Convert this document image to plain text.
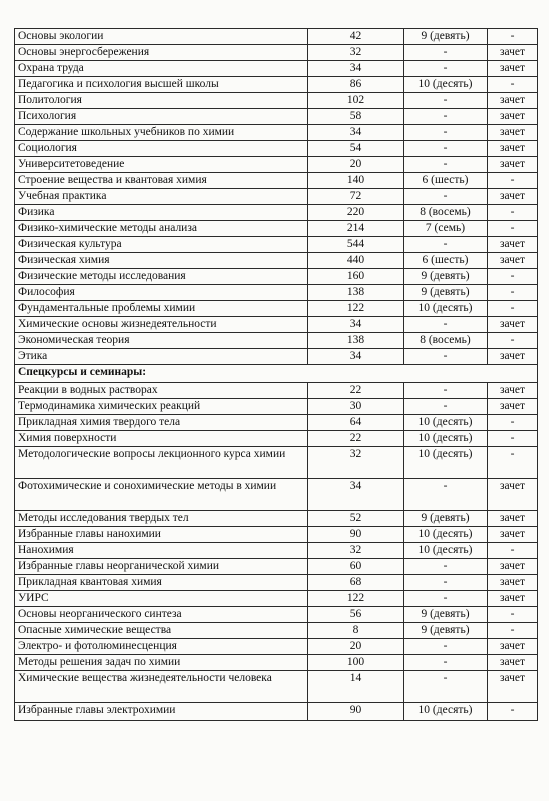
Основы экологии	42	9 (девять)	-
Основы энергосбережения	32	-	зачет
Охрана труда	34	-	зачет
Педагогика и психология высшей школы	86	10 (десять)	-
Политология	102	-	зачет
Психология	58	-	зачет
Содержание школьных учебников по химии	34	-	зачет
Социология	54	-	зачет
Университетоведение	20	-	зачет
Строение вещества и квантовая химия	140	6 (шесть)	-
Учебная практика	72	-	зачет
Физика	220	8 (восемь)	-
Физико-химические методы анализа	214	7 (семь)	-
Физическая культура	544	-	зачет
Физическая химия	440	6 (шесть)	зачет
Физические методы исследования	160	9 (девять)	-
Философия	138	9 (девять)	-
Фундаментальные проблемы химии	122	10 (десять)	-
Химические основы жизнедеятельности	34	-	зачет
Экономическая теория	138	8 (восемь)	-
Этика	34	-	зачет
Спецкурсы и семинары:			
Реакции в водных растворах	22	-	зачет
Термодинамика химических реакций	30	-	зачет
Прикладная химия твердого тела	64	10 (десять)	-
Химия поверхности	22	10 (десять)	-
Методологические вопросы лекционного курса химии	32	10 (десять)	-
Фотохимические и сонохимические методы в химии	34	-	зачет
Методы исследования твердых тел	52	9 (девять)	зачет
Избранные главы нанохимии	90	10 (десять)	зачет
Нанохимия	32	10 (десять)	-
Избранные главы неорганической химии	60	-	зачет
Прикладная квантовая химия	68	-	зачет
УИРС	122	-	зачет
Основы неорганического синтеза	56	9 (девять)	-
Опасные химические вещества	8	9 (девять)	-
Электро- и фотолюминесценция	20	-	зачет
Методы решения задач по химии	100	-	зачет
Химические вещества жизнедеятельности человека	14	-	зачет
Избранные главы электрохимии	90	10 (десять)	-
